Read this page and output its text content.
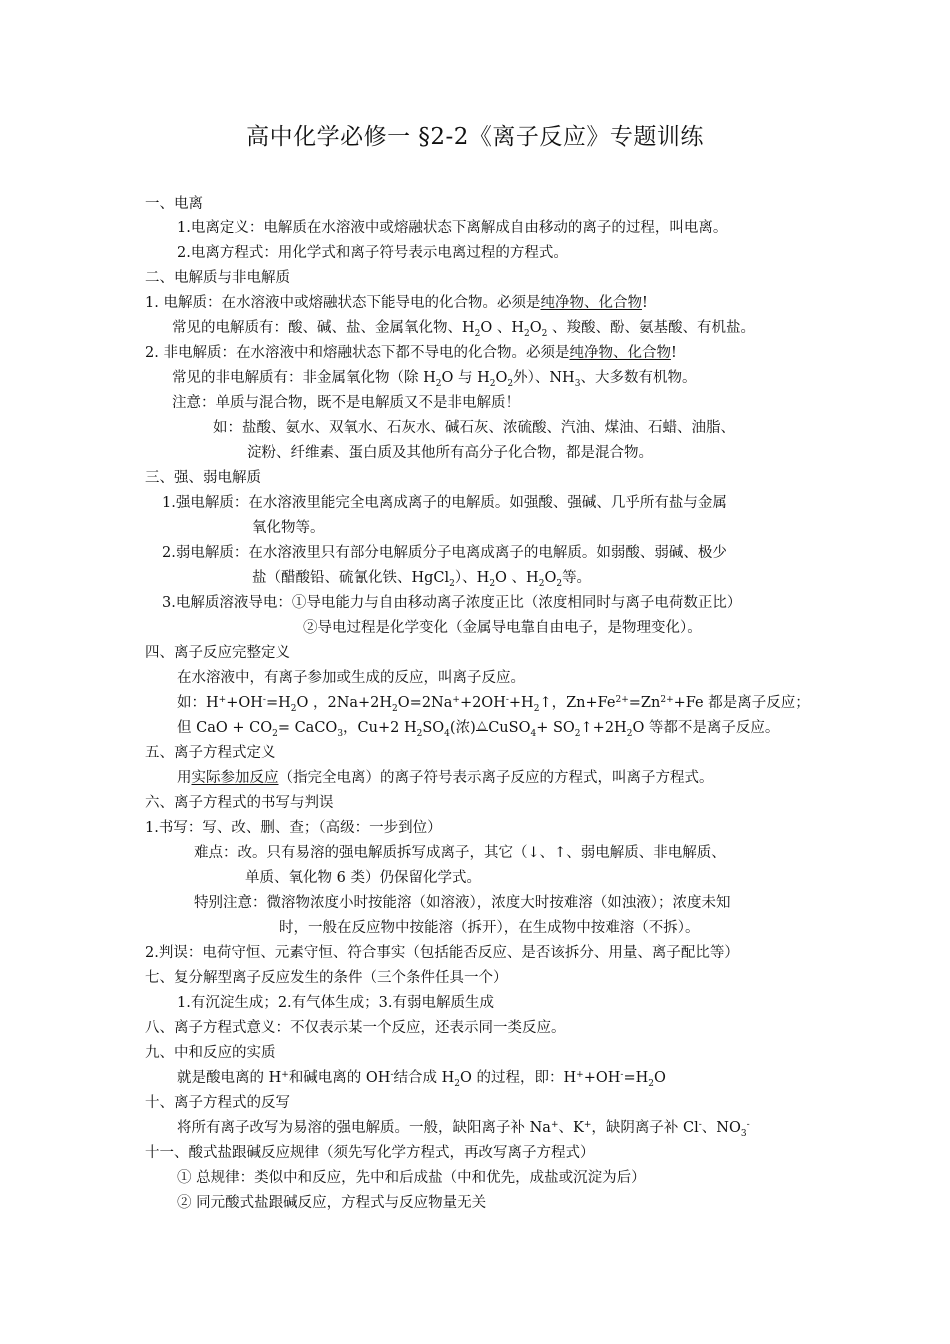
高中化学必修一 §2-2《离子反应》专题训练
一、电离
1.电离定义：电解质在水溶液中或熔融状态下离解成自由移动的离子的过程，叫电离。
2.电离方程式：用化学式和离子符号表示电离过程的方程式。
二、电解质与非电解质
1. 电解质：在水溶液中或熔融状态下能导电的化合物。必须是纯净物、化合物!
常见的电解质有：酸、碱、盐、金属氧化物、$H_2O$ 、$H_2O_2$ 、羧酸、酚、氨基酸、有机盐。
2. 非电解质：在水溶液中和熔融状态下都不导电的化合物。必须是纯净物、化合物!
常见的非电解质有：非金属氧化物（除 $H_2O$ 与 $H_2O_2$外）、$NH_3$、大多数有机物。
注意：单质与混合物，既不是电解质又不是非电解质！
如：盐酸、氨水、双氧水、石灰水、碱石灰、浓硫酸、汽油、煤油、石蜡、油脂、
淀粉、纤维素、蛋白质及其他所有高分子化合物，都是混合物。
三、强、弱电解质
1.强电解质：在水溶液里能完全电离成离子的电解质。如强酸、强碱、几乎所有盐与金属
氧化物等。
2.弱电解质：在水溶液里只有部分电解质分子电离成离子的电解质。如弱酸、弱碱、极少
盐（醋酸铅、硫氰化铁、HgCl$_2$）、$H_2O$ 、$H_2O_2$等。
3.电解质溶液导电：①导电能力与自由移动离子浓度正比（浓度相同时与离子电荷数正比）
②导电过程是化学变化（金属导电靠自由电子，是物理变化）。
四、离子反应完整定义
在水溶液中，有离子参加或生成的反应，叫离子反应。
如：$H^++OH^-=H_2O$ ，$2Na+2H_2O=2Na^++2OH^-+H_2↑$，$Zn+Fe^{2+}=Zn^{2+}+Fe$ 都是离子反应；
但 CaO + $CO_2=$ CaCO$_3$，Cu+2 $H_2SO_4$(浓) △ CuSO$_4$+ $SO_2↑+2H_2O$ 等都不是离子反应。
五、离子方程式定义
用实际参加反应（指完全电离）的离子符号表示离子反应的方程式，叫离子方程式。
六、离子方程式的书写与判误
1.书写：写、改、删、查；（高级：一步到位）
难点：改。只有易溶的强电解质拆写成离子，其它（↓、↑、弱电解质、非电解质、
单质、氧化物 6 类）仍保留化学式。
特别注意：微溶物浓度小时按能溶（如溶液），浓度大时按难溶（如浊液）；浓度未知
时，一般在反应物中按能溶（拆开），在生成物中按难溶（不拆）。
2.判误：电荷守恒、元素守恒、符合事实（包括能否反应、是否该拆分、用量、离子配比等）
七、复分解型离子反应发生的条件（三个条件任具一个）
1.有沉淀生成；2.有气体生成；3.有弱电解质生成
八、离子方程式意义：不仅表示某一个反应，还表示同一类反应。
九、中和反应的实质
就是酸电离的 H+和碱电离的 OH-结合成 $H_2O$ 的过程，即：$H^++OH^-=H_2O$
十、离子方程式的反写
将所有离子改写为易溶的强电解质。一般，缺阳离子补 Na+、K+，缺阴离子补 Cl-、$NO_3^-$
十一、酸式盐跟碱反应规律（须先写化学方程式，再改写离子方程式）
① 总规律：类似中和反应，先中和后成盐（中和优先，成盐或沉淀为后）
② 同元酸式盐跟碱反应，方程式与反应物量无关
